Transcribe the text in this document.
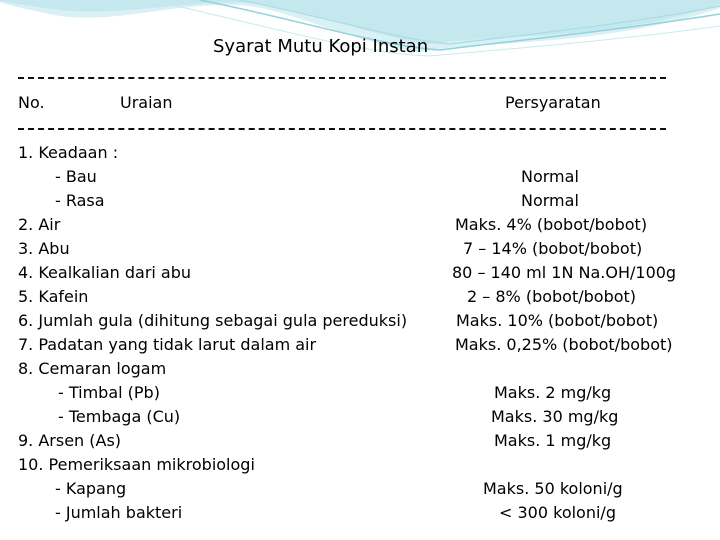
Syarat Mutu Kopi Instan
No.	Uraian	Persyaratan
1. Keadaan :
- Bau	Normal
- Rasa	Normal
2. Air	Maks. 4% (bobot/bobot)
3. Abu	7 – 14% (bobot/bobot)
4. Kealkalian dari abu	80 – 140 ml 1N Na.OH/100g
5. Kafein	2 – 8% (bobot/bobot)
6. Jumlah gula (dihitung sebagai gula pereduksi)	Maks. 10% (bobot/bobot)
7. Padatan yang tidak larut dalam air	Maks. 0,25% (bobot/bobot)
8. Cemaran logam
- Timbal (Pb)	Maks. 2 mg/kg
- Tembaga (Cu)	Maks. 30 mg/kg
9. Arsen (As)	Maks. 1 mg/kg
10. Pemeriksaan mikrobiologi
- Kapang	Maks. 50 koloni/g
- Jumlah bakteri	< 300 koloni/g
